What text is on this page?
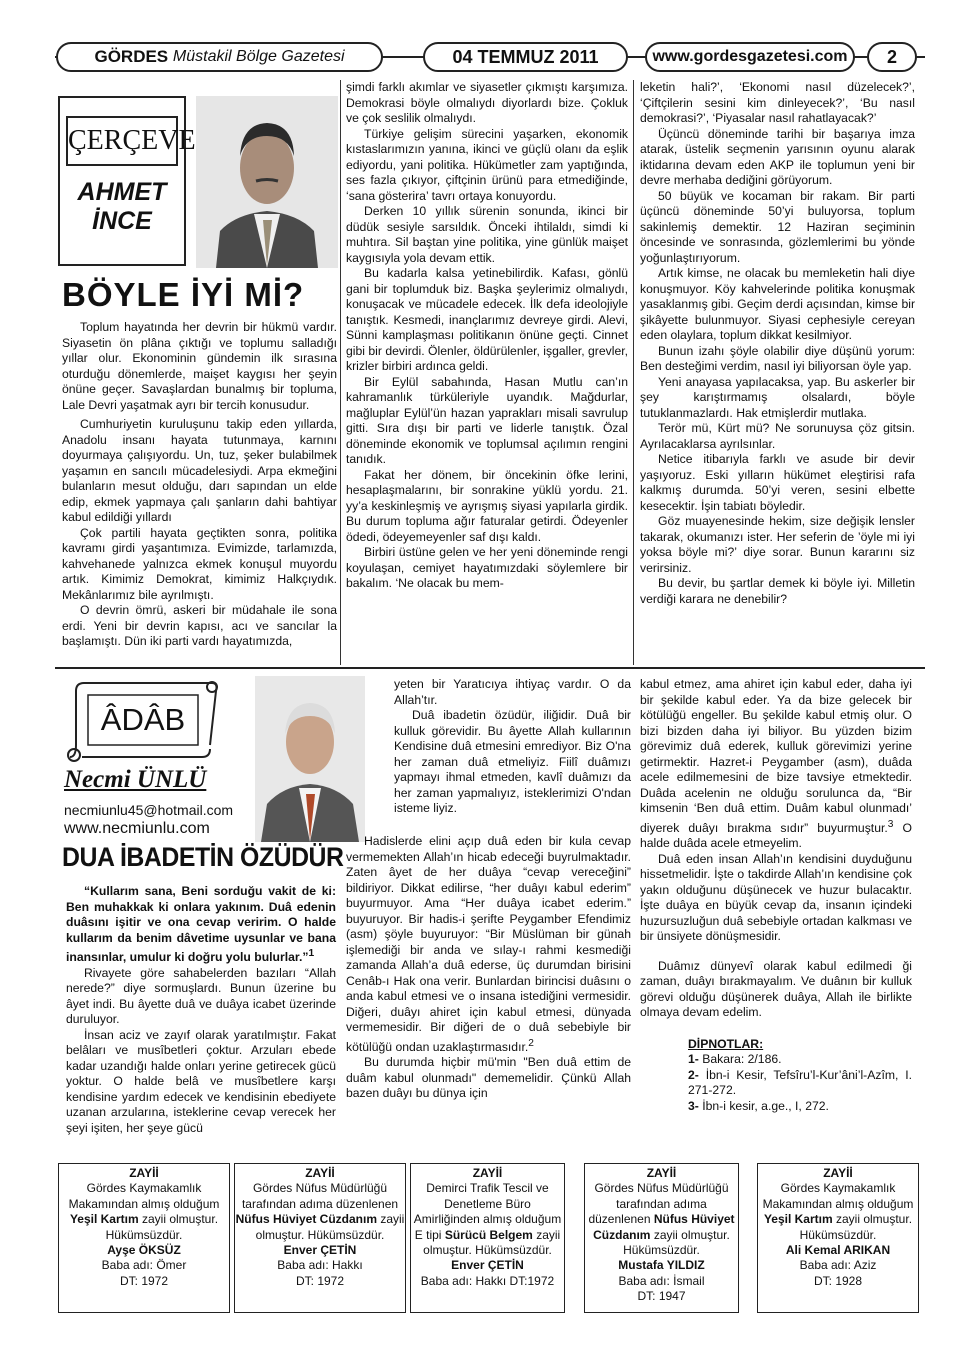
GÖRDES
Müstakil Bölge Gazetesi	04 TEMMUZ 2011	www.gordesgazetesi.com	2
ÇERÇEVE
AHMET
İNCE
BÖYLE İYİ Mİ?

Toplum hayatında her devrin bir hükmü vardır. Siyasetin ön plâna çıktığı ve toplumu salladığı yıllar olur. Ekonominin gündemin ilk sırasına oturduğu dönemlerde, maişet kaygısı her şeyin önüne geçer. Savaşlardan bunalmış bir topluma, Lale Devri yaşatmak ayrı bir tercih konusudur.

Cumhuriyetin kuruluşunu takip eden yıllarda, Anadolu insanı hayata tutunmaya, karnını doyurmaya çalışıyordu. Un, tuz, şeker bulabilmek yaşamın en sancılı mücadelesiydi. Arpa ekmeğini bulanların mesut olduğu, darı sapından un elde edip, ekmek yapmaya çalı şanların dahi bahtiyar kabul edildiği yıllardı

Çok partili hayata geçtikten sonra, politika kavramı girdi yaşantımıza. Evimizde, tarlamızda, kahvehanede yalnızca ekmek konuşul muyordu artık. Kimimiz Demokrat, kimimiz Halkçıydık. Mekânlarımız bile ayrılmıştı.

O devrin ömrü, askeri bir müdahale ile sona erdi. Yeni bir devrin kapısı, acı ve sancılar la başlamıştı. Dün iki parti vardı hayatımızda,

şimdi farklı akımlar ve siyasetler çıkmıştı karşımıza. Demokrasi böyle olmalıydı diyorlardı bize. Çokluk ve çok seslilik olmalıydı.

Türkiye gelişim sürecini yaşarken, ekonomik kıstaslarımızın yanına, ikinci ve güçlü olanı da eşlik ediyordu, yani politika. Hükümetler zam yaptığında, ses fazla çıkıyor, çiftçinin ürünü para etmediğinde, ‘sana gösterira’ tavrı ortaya konuyordu.

Derken 10 yıllık sürenin sonunda, ikinci bir düdük sesiyle sarsıldık. Önceki ihtilaldı, simdi ki muhtıra. Sil baştan yine politika, yine günlük maişet kaygısıyla yola devam ettik.

Bu kadarla kalsa yetinebilirdik. Kafası, gönlü gani bir toplumduk biz. Başka şeylerimiz olmalıydı, konuşacak ve mücadele edecek. İlk defa ideolojiyle tanıştık. Kesmedi, inançlarımız devreye girdi. Alevi, Sünni kamplaşması politikanın önüne geçti. Cinnet gibi bir devirdi. Ölenler, öldürülenler, işgaller, grevler, krizler birbiri ardınca geldi.

Bir Eylül sabahında, Hasan Mutlu can’ın kahramanlık türküleriyle uyandık. Mağdurlar, mağluplar Eylül’ün hazan yaprakları misali savrulup gitti. Sıra dışı bir parti ve liderle tanıştık. Özal döneminde ekonomik ve toplumsal açılımın rengini tanıdık.

Fakat her dönem, bir öncekinin öfke lerini, hesaplaşmalarını, bir sonrakine yüklü yordu. 21. yy’a keskinleşmiş ve ayrışmış siyasi yapılarla girdik. Bu durum topluma ağır faturalar getirdi. Ödeyenler ödedi, ödeyemeyenler saf dışı kaldı.

Birbiri üstüne gelen ve her yeni döneminde rengi koyulaşan, cemiyet hayatımızdaki söylemlere bir bakalım. ‘Ne olacak bu mem-

leketin hali?’, ‘Ekonomi nasıl düzelecek?’, ‘Çiftçilerin sesini kim dinleyecek?’, ‘Bu nasıl demokrasi?’, ‘Piyasalar nasıl rahatlayacak?’

Üçüncü döneminde tarihi bir başarıya imza atarak, üstelik seçmenin yarısının oyunu alarak iktidarına devam eden AKP ile toplumun yeni bir devre merhaba dediğini görüyorum.

50 büyük ve kocaman bir rakam. Bir parti üçüncü döneminde 50’yi buluyorsa, toplum sakinlemiş demektir. 12 Haziran seçiminin öncesinde ve sonrasında, gözlemlerimi bu yönde yoğunlaştırıyorum.

Artık kimse, ne olacak bu memleketin hali diye konuşmuyor. Köy kahvelerinde politika konuşmak yasaklanmış gibi. Geçim derdi açısından, kimse bir şikâyette bulunmuyor. Siyasi cephesiyle cereyan eden olaylara, toplum dikkat kesilmiyor.

Bunun izahı şöyle olabilir diye düşünü yorum: Ben desteğimi verdim, nasıl iyi biliyorsan öyle yap.

Yeni anayasa yapılacaksa, yap. Bu askerler bir şey karıştırmamış olsalardı, böyle tutuklanmazlardı. Hak etmişlerdir mutlaka.

Terör mü, Kürt mü? Ne sorunuysa çöz gitsin. Ayrılacaklarsa ayrılsınlar.

Netice itibarıyla farklı ve asude bir devir yaşıyoruz. Eski yılların hükümet eleştirisi rafa kalkmış durumda. 50’yi veren, sesini elbette kesecektir. İşin tabiatı böyledir.

Göz muayenesinde hekim, size değişik lensler takarak, okumanızı ister. Her seferin de ’öyle mi iyi yoksa böyle mi?’ diye sorar. Bunun kararını siz verirsiniz.

Bu devir, bu şartlar demek ki böyle iyi. Milletin verdiği karara ne denebilir?

ÂDÂB
Necmi ÜNLÜ
necmiunlu45@hotmail.com
www.necmiunlu.com
DUA İBADETİN ÖZÜDÜR

“Kullarım sana, Beni sorduğu vakit de ki: Ben muhakkak ki onlara yakınım. Duâ edenin duâsını işitir ve ona cevap veririm. O halde kullarım da benim dâvetime uysunlar ve bana inansınlar, umulur ki doğru yolu bulurlar.”$^1$

Rivayete göre sahabelerden bazıları “Allah nerede?” diye sormuşlardı. Bunun üzerine bu âyet indi. Bu âyette duâ ve duâya icabet üzerinde duruluyor.

İnsan aciz ve zayıf olarak yaratılmıştır. Fakat belâları ve musîbetleri çoktur. Arzuları ebede kadar uzandığı halde onları yerine getirecek gücü yoktur. O halde belâ ve musîbetlere karşı kendisine yardım edecek ve kendisinin ebediyete uzanan arzularına, isteklerine cevap verecek her şeyi işiten, her şeye gücü

yeten bir Yaratıcıya ihtiyaç vardır. O da Allah’tır.

Duâ ibadetin özüdür, iliğidir. Duâ bir kulluk görevidir. Bu âyette Allah kullarının Kendisine duâ etmesini emrediyor. Biz O'na her zaman duâ etmeliyiz. Fiilî duâmızı yapmayı ihmal etmeden, kavlî duâmızı da her zaman yapmalıyız, isteklerimizi O'ndan isteme liyiz.

Hadislerde elini açıp duâ eden bir kula cevap vermemekten Allah’ın hicab edeceği buyrulmaktadır. Zaten âyet de her duâya “cevap vereceğini” bildiriyor. Dikkat edilirse, “her duâyı kabul ederim” buyurmuyor. Ama “Her duâya icabet ederim.” buyuruyor. Bir hadis-i şerifte Peygamber Efendimiz (asm) şöyle buyuruyor: “Bir Müslüman bir günah işlemediği bir anda ve sılay-ı rahmi kesmediği zamanda Allah’a duâ ederse, üç durumdan birisini Cenâb-ı Hak ona verir. Bunlardan birincisi duâsını o anda kabul etmesi ve o insana istediğini vermesidir. Diğeri, duâyı ahiret için kabul etmesi, dünyada vermemesidir. Bir diğeri de o duâ sebebiyle bir kötülüğü ondan uzaklaştırmasıdır.$^2$

Bu durumda hiçbir mü'min "Ben duâ ettim de duâm kabul olunmadı" dememelidir. Çünkü Allah bazen duâyı bu dünya için

kabul etmez, ama ahiret için kabul eder, daha iyi bir şekilde kabul eder. Ya da bize gelecek bir kötülüğü engeller. Bu şekilde kabul etmiş olur. O bizi bizden daha iyi biliyor. Bu yüzden bizim görevimiz duâ ederek, kulluk görevimizi yerine getirmektir. Hazret-i Peygamber (asm), duâda acele edilmemesini de bize tavsiye etmektedir. Duâda acelenin ne olduğu sorulunca da, “Bir kimsenin ‘Ben duâ ettim. Duâm kabul olunmadı’ diyerek duâyı bırakma sıdır” buyurmuştur.$^3$ O halde duâda acele etmeyelim.

Duâ eden insan Allah’ın kendisini duyduğunu hissetmelidir. İşte o takdirde Allah’ın kendisine çok yakın olduğunu düşünecek ve huzur bulacaktır. İşte duâya en büyük cevap da, insanın içindeki huzursuzluğun duâ sebebiyle ortadan kalkması ve bir ünsiyete dönüşmesidir.

Duâmız dünyevî olarak kabul edilmedi ği zaman, duâyı bırakmayalım. Ve duânın bir kulluk görevi olduğu düşünerek duâya, Allah ile birlikte olmaya devam edelim.

DİPNOTLAR:
1- Bakara: 2/186.
2- İbn-i Kesir, Tefsîru’l-Kur’âni’l-Azîm, I. 271-272.
3- İbn-i kesir, a.ge., I, 272.
ZAYİİ
Gördes Kaymakamlık Makamından almış olduğum Yeşil Kartım zayii olmuştur. Hükümsüzdür.
Ayşe ÖKSÜZ
Baba adı: Ömer
DT: 1972
ZAYİİ
Gördes Nüfus Müdürlüğü tarafından adıma düzenlenen Nüfus Hüviyet Cüzdanım zayii olmuştur. Hükümsüzdür.
Enver ÇETİN
Baba adı: Hakkı
DT: 1972
ZAYİİ
Demirci Trafik Tescil ve Denetleme Büro Amirliğinden almış olduğum E tipi Sürücü Belgem zayii olmuştur. Hükümsüzdür.
Enver ÇETİN
Baba adı: Hakkı DT:1972
ZAYİİ
Gördes Nüfus Müdürlüğü tarafından adıma düzenlenen Nüfus Hüviyet Cüzdanım zayii olmuştur. Hükümsüzdür.
Mustafa YILDIZ
Baba adı: İsmail
DT: 1947
ZAYİİ
Gördes Kaymakamlık Makamından almış olduğum Yeşil Kartım zayii olmuştur. Hükümsüzdür.
Ali Kemal ARIKAN
Baba adı: Aziz
DT: 1928
